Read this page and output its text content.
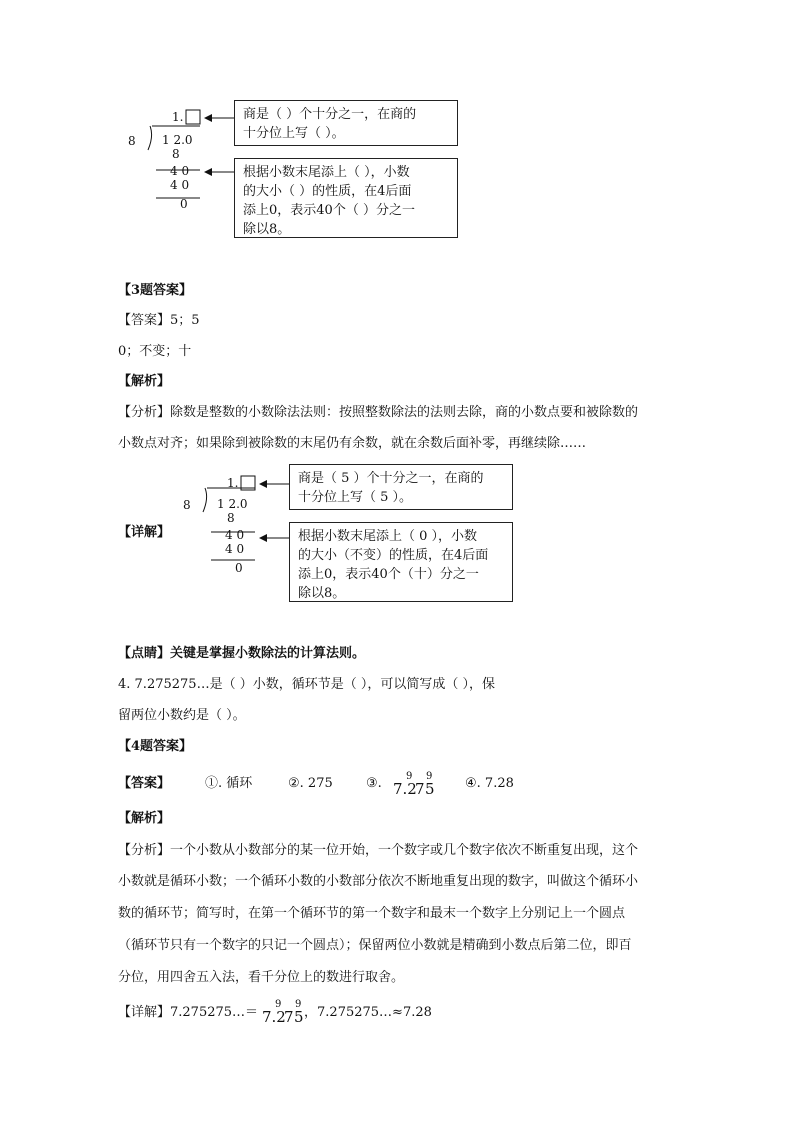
1.
8 1 2.0
8
4 0
4 0
0
商是（ ）个十分之一，在商的
十分位上写（ ）。
根据小数末尾添上（ ），小数
的大小（ ）的性质，在4后面
添上0，表示40个（ ）分之一
除以8。
【3题答案】
【答案】5；5
0；不变；十
【解析】
【分析】除数是整数的小数除法法则：按照整数除法的法则去除，商的小数点要和被除数的
小数点对齐；如果除到被除数的末尾仍有余数，就在余数后面补零，再继续除……
【详解】
1.
8 1 2.0
8
4 0
4 0
0
商是（ 5 ）个十分之一，在商的
十分位上写（ 5 ）。
根据小数末尾添上（ 0 ），小数
的大小（不变）的性质，在4后面
添上0，表示40个（十）分之一
除以8。
【点睛】关键是掌握小数除法的计算法则。
4. 7.275275…是（ ）小数，循环节是（ ），可以简写成（ ），保
留两位小数约是（ ）。
【4题答案】
【答案】	①. 循环	②. 275	③. 7.2
7 5
9 9	④. 7.28
【解析】
【分析】一个小数从小数部分的某一位开始，一个数字或几个数字依次不断重复出现，这个
小数就是循环小数；一个循环小数的小数部分依次不断地重复出现的数字，叫做这个循环小
数的循环节；简写时，在第一个循环节的第一个数字和最末一个数字上分别记上一个圆点
（循环节只有一个数字的只记一个圆点）；保留两位小数就是精确到小数点后第二位，即百
分位，用四舍五入法，看千分位上的数进行取舍。
【详解】7.275275…＝	，7.275275…≈7.28
7.2
7 5
9 9
